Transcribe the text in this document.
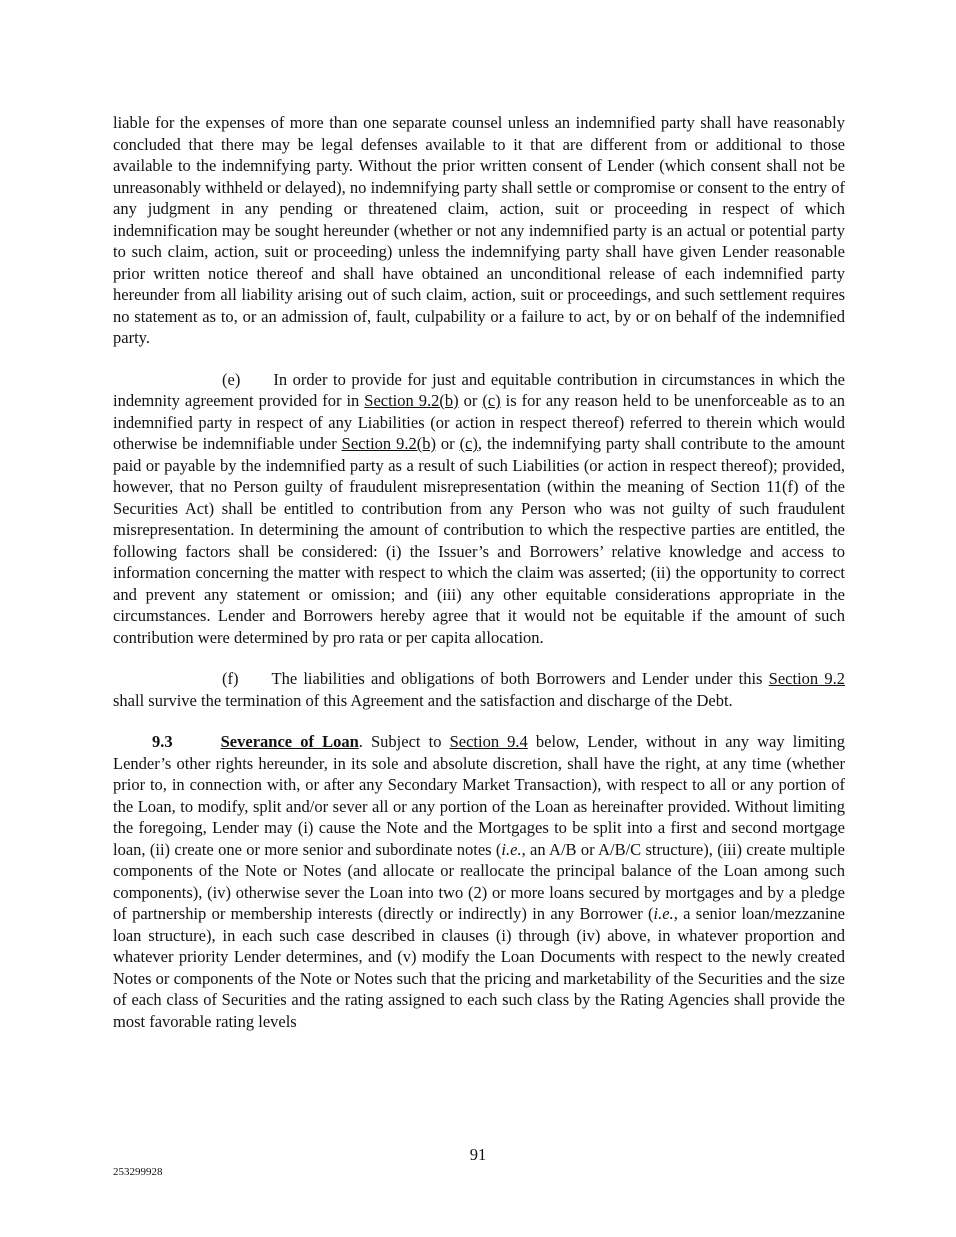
liable for the expenses of more than one separate counsel unless an indemnified party shall have reasonably concluded that there may be legal defenses available to it that are different from or additional to those available to the indemnifying party. Without the prior written consent of Lender (which consent shall not be unreasonably withheld or delayed), no indemnifying party shall settle or compromise or consent to the entry of any judgment in any pending or threatened claim, action, suit or proceeding in respect of which indemnification may be sought hereunder (whether or not any indemnified party is an actual or potential party to such claim, action, suit or proceeding) unless the indemnifying party shall have given Lender reasonable prior written notice thereof and shall have obtained an unconditional release of each indemnified party hereunder from all liability arising out of such claim, action, suit or proceedings, and such settlement requires no statement as to, or an admission of, fault, culpability or a failure to act, by or on behalf of the indemnified party.

(e) In order to provide for just and equitable contribution in circumstances in which the indemnity agreement provided for in Section 9.2(b) or (c) is for any reason held to be unenforceable as to an indemnified party in respect of any Liabilities (or action in respect thereof) referred to therein which would otherwise be indemnifiable under Section 9.2(b) or (c), the indemnifying party shall contribute to the amount paid or payable by the indemnified party as a result of such Liabilities (or action in respect thereof); provided, however, that no Person guilty of fraudulent misrepresentation (within the meaning of Section 11(f) of the Securities Act) shall be entitled to contribution from any Person who was not guilty of such fraudulent misrepresentation. In determining the amount of contribution to which the respective parties are entitled, the following factors shall be considered: (i) the Issuer’s and Borrowers’ relative knowledge and access to information concerning the matter with respect to which the claim was asserted; (ii) the opportunity to correct and prevent any statement or omission; and (iii) any other equitable considerations appropriate in the circumstances. Lender and Borrowers hereby agree that it would not be equitable if the amount of such contribution were determined by pro rata or per capita allocation.

(f) The liabilities and obligations of both Borrowers and Lender under this Section 9.2 shall survive the termination of this Agreement and the satisfaction and discharge of the Debt.

9.3	Severance of Loan. Subject to Section 9.4 below, Lender, without in any way limiting Lender’s other rights hereunder, in its sole and absolute discretion, shall have the right, at any time (whether prior to, in connection with, or after any Secondary Market Transaction), with respect to all or any portion of the Loan, to modify, split and/or sever all or any portion of the Loan as hereinafter provided. Without limiting the foregoing, Lender may (i) cause the Note and the Mortgages to be split into a first and second mortgage loan, (ii) create one or more senior and subordinate notes (i.e., an A/B or A/B/C structure), (iii) create multiple components of the Note or Notes (and allocate or reallocate the principal balance of the Loan among such components), (iv) otherwise sever the Loan into two (2) or more loans secured by mortgages and by a pledge of partnership or membership interests (directly or indirectly) in any Borrower (i.e., a senior loan/mezzanine loan structure), in each such case described in clauses (i) through (iv) above, in whatever proportion and whatever priority Lender determines, and (v) modify the Loan Documents with respect to the newly created Notes or components of the Note or Notes such that the pricing and marketability of the Securities and the size of each class of Securities and the rating assigned to each such class by the Rating Agencies shall provide the most favorable rating levels

91
253299928
